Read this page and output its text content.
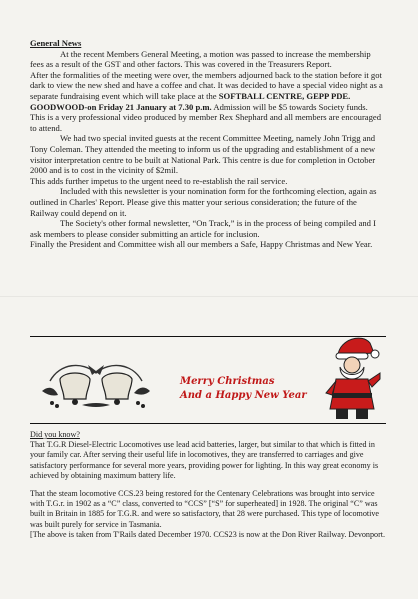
General News

At the recent Members General Meeting, a motion was passed to increase the membership fees as a result of the GST and other factors. This was covered in the Treasurers Report.

After the formalities of the meeting were over, the members adjourned back to the station before it got dark to view the new shed and have a coffee and chat. It was decided to have a special video night as a separate fundraising event which will take place at the SOFTBALL CENTRE, GEPP PDE. GOODWOOD-on Friday 21 January at 7.30 p.m. Admission will be $5 towards Society funds. This is a very professional video produced by member Rex Shephard and all members are encouraged to attend.

We had two special invited guests at the recent Committee Meeting, namely John Trigg and Tony Coleman. They attended the meeting to inform us of the upgrading and establishment of a new visitor interpretation centre to be built at National Park. This centre is due for completion in October 2000 and is to cost in the vicinity of $2mil.

This adds further impetus to the urgent need to re-establish the rail service.

Included with this newsletter is your nomination form for the forthcoming election, again as outlined in Charles' Report. Please give this matter your serious consideration; the future of the Railway could depend on it.

The Society's other formal newsletter, “On Track,” is in the process of being compiled and I ask members to please consider submitting an article for inclusion.

Finally the President and Committee wish all our members a Safe, Happy Christmas and New Year.

Merry Christmas
And a Happy New Year

Did you know?

That T.G.R Diesel-Electric Locomotives use lead acid batteries, larger, but similar to that which is fitted in your family car. After serving their useful life in locomotives, they are transferred to carriages and give satisfactory performance for several more years, providing power for lighting. In this way great economy is achieved by obtaining maximum battery life.

That the steam locomotive CCS.23 being restored for the Centenary Celebrations was brought into service with T.G.r. in 1902 as a “C” class, converted to “CCS” [“S” for superheated] in 1928. The original “C” was built in Britain in 1885 for T.G.R. and were so satisfactory, that 28 were purchased. This type of locomotive was built purely for service in Tasmania.

[The above is taken from T'Rails dated December 1970. CCS23 is now at the Don River Railway. Devonport.
